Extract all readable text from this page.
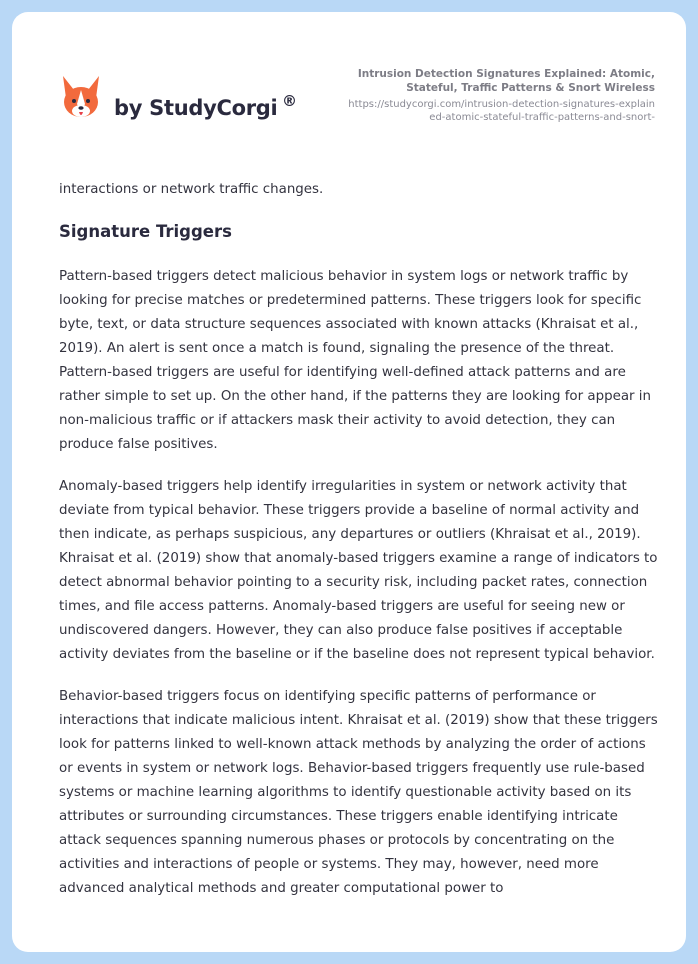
by StudyCorgi ®

Intrusion Detection Signatures Explained: Atomic, Stateful, Traffic Patterns & Snort Wireless

https://studycorgi.com/intrusion-detection-signatures-explained-atomic-stateful-traffic-patterns-and-snort-

interactions or network traffic changes.

Signature Triggers

Pattern-based triggers detect malicious behavior in system logs or network traffic by looking for precise matches or predetermined patterns. These triggers look for specific byte, text, or data structure sequences associated with known attacks (Khraisat et al., 2019). An alert is sent once a match is found, signaling the presence of the threat. Pattern-based triggers are useful for identifying well-defined attack patterns and are rather simple to set up. On the other hand, if the patterns they are looking for appear in non-malicious traffic or if attackers mask their activity to avoid detection, they can produce false positives.

Anomaly-based triggers help identify irregularities in system or network activity that deviate from typical behavior. These triggers provide a baseline of normal activity and then indicate, as perhaps suspicious, any departures or outliers (Khraisat et al., 2019). Khraisat et al. (2019) show that anomaly-based triggers examine a range of indicators to detect abnormal behavior pointing to a security risk, including packet rates, connection times, and file access patterns. Anomaly-based triggers are useful for seeing new or undiscovered dangers. However, they can also produce false positives if acceptable activity deviates from the baseline or if the baseline does not represent typical behavior.

Behavior-based triggers focus on identifying specific patterns of performance or interactions that indicate malicious intent. Khraisat et al. (2019) show that these triggers look for patterns linked to well-known attack methods by analyzing the order of actions or events in system or network logs. Behavior-based triggers frequently use rule-based systems or machine learning algorithms to identify questionable activity based on its attributes or surrounding circumstances. These triggers enable identifying intricate attack sequences spanning numerous phases or protocols by concentrating on the activities and interactions of people or systems. They may, however, need more advanced analytical methods and greater computational power to
